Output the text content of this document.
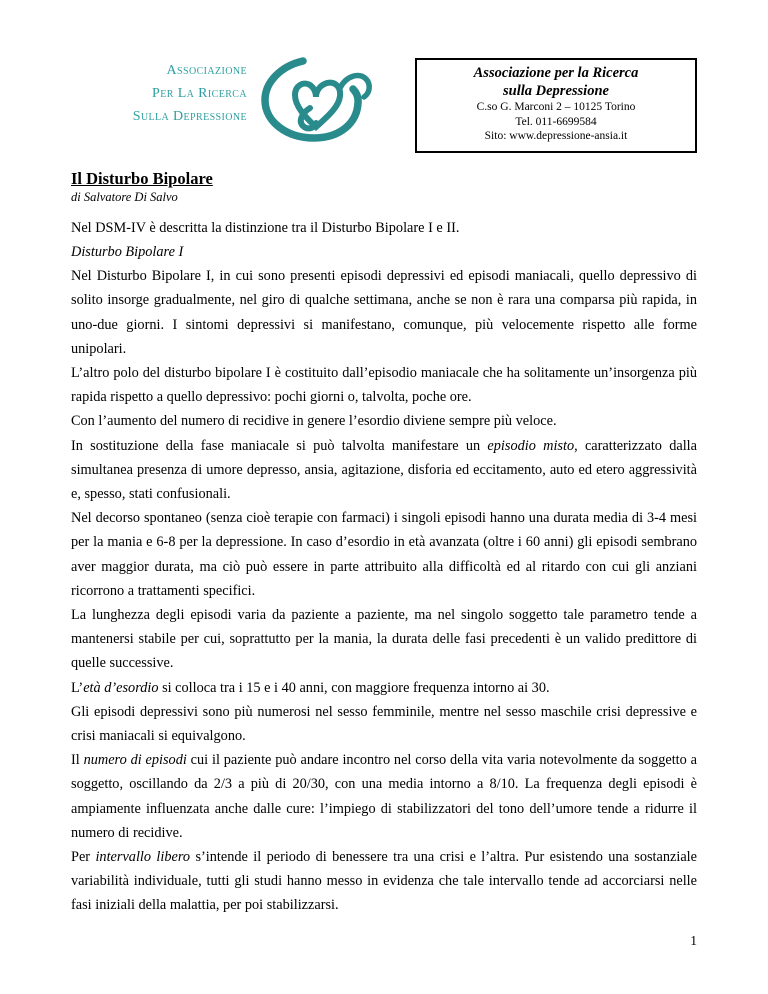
Associazione
Per La Ricerca
Sulla Depressione
Associazione per la Ricerca
sulla Depressione
C.so G. Marconi 2 – 10125 Torino
Tel. 011-6699584
Sito: www.depressione-ansia.it
Il Disturbo Bipolare
di Salvatore Di Salvo

Nel DSM-IV è descritta la distinzione tra il Disturbo Bipolare I e II.

Disturbo Bipolare I

Nel Disturbo Bipolare I, in cui sono presenti episodi depressivi ed episodi maniacali, quello depressivo di solito insorge gradualmente, nel giro di qualche settimana, anche se non è rara una comparsa più rapida, in uno-due giorni. I sintomi depressivi si manifestano, comunque, più velocemente rispetto alle forme unipolari.

L’altro polo del disturbo bipolare I è costituito dall’episodio maniacale che ha solitamente un’insorgenza più rapida rispetto a quello depressivo: pochi giorni o, talvolta, poche ore.

Con l’aumento del numero di recidive in genere l’esordio diviene sempre più veloce.

In sostituzione della fase maniacale si può talvolta manifestare un episodio misto, caratterizzato dalla simultanea presenza di umore depresso, ansia, agitazione, disforia ed eccitamento, auto ed etero aggressività e, spesso, stati confusionali.

Nel decorso spontaneo (senza cioè terapie con farmaci) i singoli episodi hanno una durata media di 3-4 mesi per la mania e 6-8 per la depressione. In caso d’esordio in età avanzata (oltre i 60 anni) gli episodi sembrano aver maggior durata, ma ciò può essere in parte attribuito alla difficoltà ed al ritardo con cui gli anziani ricorrono a trattamenti specifici.

La lunghezza degli episodi varia da paziente a paziente, ma nel singolo soggetto tale parametro tende a mantenersi stabile per cui, soprattutto per la mania, la durata delle fasi precedenti è un valido predittore di quelle successive.

L’età d’esordio si colloca tra i 15 e i 40 anni, con maggiore frequenza intorno ai 30.

Gli episodi depressivi sono più numerosi nel sesso femminile, mentre nel sesso maschile crisi depressive e crisi maniacali si equivalgono.

Il numero di episodi cui il paziente può andare incontro nel corso della vita varia notevolmente da soggetto a soggetto, oscillando da 2/3 a più di 20/30, con una media intorno a 8/10. La frequenza degli episodi è ampiamente influenzata anche dalle cure: l’impiego di stabilizzatori del tono dell’umore tende a ridurre il numero di recidive.

Per intervallo libero s’intende il periodo di benessere tra una crisi e l’altra. Pur esistendo una sostanziale variabilità individuale, tutti gli studi hanno messo in evidenza che tale intervallo tende ad accorciarsi nelle fasi iniziali della malattia, per poi stabilizzarsi.

1
